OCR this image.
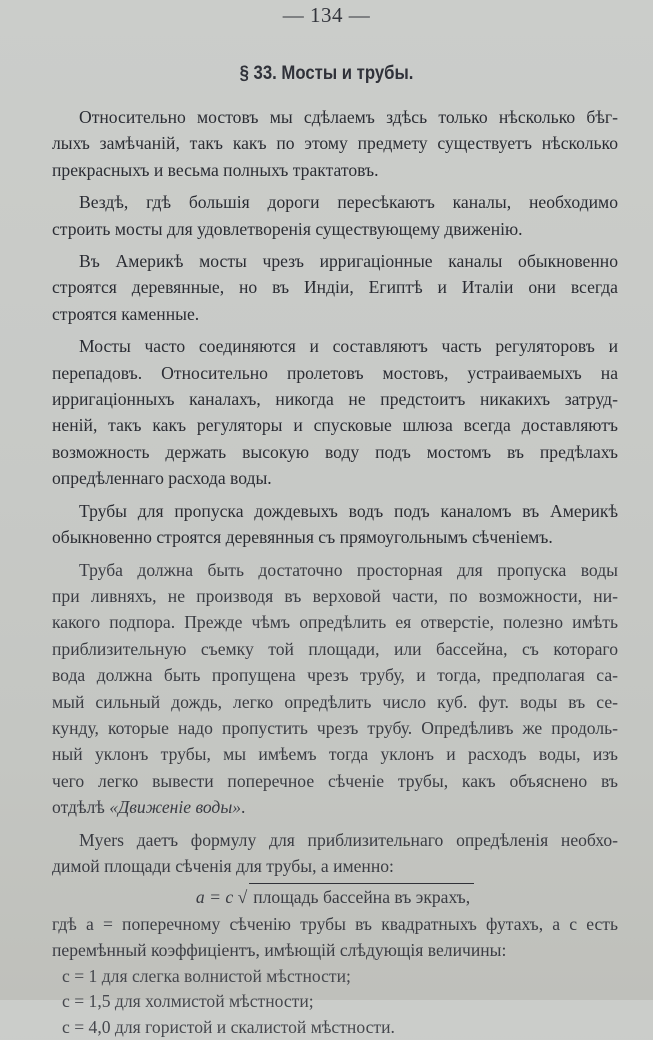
— 134 —
§ 33. Мосты и трубы.

Относительно мостовъ мы сдѣлаемъ здѣсь только нѣсколько бѣг-
лыхъ замѣчаній, такъ какъ по этому предмету существуетъ нѣсколько
прекрасныхъ и весьма полныхъ трактатовъ.

Вездѣ, гдѣ большія дороги пересѣкаютъ каналы, необходимо
строить мосты для удовлетворенія существующему движенію.

Въ Америкѣ мосты чрезъ ирригаціонные каналы обыкновенно
строятся деревянные, но въ Индіи, Египтѣ и Италіи они всегда
строятся каменные.

Мосты часто соединяются и составляютъ часть регуляторовъ и
перепадовъ. Относительно пролетовъ мостовъ, устраиваемыхъ на
ирригаціонныхъ каналахъ, никогда не предстоитъ никакихъ затруд-
неній, такъ какъ регуляторы и спусковые шлюза всегда доставляютъ
возможность держать высокую воду подъ мостомъ въ предѣлахъ
опредѣленнаго расхода воды.

Трубы для пропуска дождевыхъ водъ подъ каналомъ въ Америкѣ
обыкновенно строятся деревянныя съ прямоугольнымъ сѣченіемъ.

Труба должна быть достаточно просторная для пропуска воды
при ливняхъ, не производя въ верховой части, по возможности, ни-
какого подпора. Прежде чѣмъ опредѣлить ея отверстіе, полезно имѣть
приблизительную съемку той площади, или бассейна, съ котораго
вода должна быть пропущена чрезъ трубу, и тогда, предполагая са-
мый сильный дождь, легко опредѣлить число куб. фут. воды въ се-
кунду, которые надо пропустить чрезъ трубу. Опредѣливъ же продоль-
ный уклонъ трубы, мы имѣемъ тогда уклонъ и расходъ воды, изъ
чего легко вывести поперечное сѣченіе трубы, какъ объяснено въ
отдѣлѣ «Движеніе воды».

Myers даетъ формулу для приблизительнаго опредѣленія необхо-
димой площади сѣченія для трубы, а именно:

a = c √ площадь бассейна въ экрахъ,
гдѣ a = поперечному сѣченію трубы въ квадратныхъ футахъ, а c есть
перемѣнный коэффиціентъ, имѣющій слѣдующія величины:
c = 1 для слегка волнистой мѣстности;
c = 1,5 для холмистой мѣстности;
c = 4,0 для гористой и скалистой мѣстности.
